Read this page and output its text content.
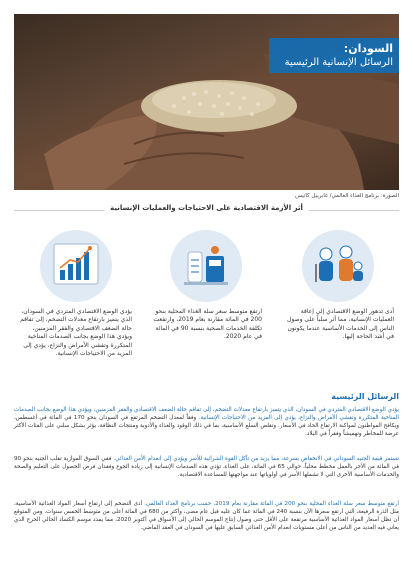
السودان:
الرسائل الإنسانية الرئيسية
الصورة: برنامج الغذاء العالمي/ غابرييل كاتيس
أثر الأزمة الاقتصادية على الاحتياجات والعمليات الإنسانية
يؤدي الوضع الاقتصادي المتردي في السودان، الذي يتميز بارتفاع معدلات التضخم، إلى تفاقم حالة الضعف الاقتصادي والفقر المزمنين، ويؤدي هذا الوضع بجانب الصدمات المناخية المتكررة وتفشي الأمراض والنزاع، يؤدي إلى المزيد من الاحتياجات الإنسانية.
ارتفع متوسط سعر سلة الغذاء المحلية بنحو 200 في المائة مقارنة بعام 2019، وارتفعت تكلفة الخدمات الصحية بنسبة 90 في المائة في عام 2020.
أدى تدهور الوضع الاقتصادي إلى إعاقة العمليات الإنسانية، مما أثر سلباً على وصول الناس إلى الخدمات الأساسية عندما يكونون في أشد الحاجة إليها.
الرسائل الرئيسية
يؤدي الوضع الاقتصادي المتردي في السودان، الذي يتميز بارتفاع معدلات التضخم، إلى تفاقم حالة الضعف الاقتصادي والفقر المزمنين، ويؤدي هذا الوضع بجانب الصدمات المناخية المتكررة وتفشي الأمراض والنزاع، يؤدي إلى المزيد من الاحتياجات الإنسانية. وفقاً لمعدل التضخم المرتفع في السودان بنحو 170 في المائة في أغسطس، ويكافح المواطنون لمواكبة الارتفاع الحاد في الأسعار. وتقلص السلع الأساسية، بما في ذلك الوقود والغذاء والأدوية ومنتجات النظافة، يؤثر بشكل سلبي على الفئات الأكثر عرضة للمخاطر وتهميشاً وفقراً في البلاد.
تستمر قيمة الجنيه السوداني في الانخفاض بسرعة، مما يزيد من تآكل القوة الشرائية للأسر ويؤدي إلى انعدام الأمن الغذائي. ففي السوق الموازية تقلب الجنيه بنحو 90 في المائة من الأجر بالعمل مخطط محلياً، حوالي 65 في المائة، على الغذاء، تؤدي هذه الصدمات الإنسانية إلى زيادة الجوع وفقدان فرص الحصول على التعليم والصحة والخدمات الأساسية الأخرى التي لا تشملها الأسر في أولوياتها عند مواجهتها للمساعدة الاقتصادية.
ارتفع متوسط سعر سلة الغذاء المحلية بنحو 200 في المائة مقارنة بعام 2019، حسب برنامج الغذاء العالمي. أدى التضخم إلى ارتفاع أسعار المواد الغذائية الأساسية، مثل الذرة الرفيعة، التي ارتفع سعرها الآن بنسبة 240 في المائة عما كان عليه قبل عام مضى، وأكثر من 680 في المائة أعلى من متوسط الخمس سنوات. ومن المتوقع أن تظل أسعار المواد الغذائية الأساسية مرتفعة على الأقل حتى وصول إنتاج الموسم الحالي إلى الأسواق في أكتوبر 2020، مما يمدد موسم الكساد الحالي الحرج الذي يعاني فيه العديد من الناس من أعلى مستويات انعدام الأمن الغذائي السابق عليها في السودان في العقد الماضي.
